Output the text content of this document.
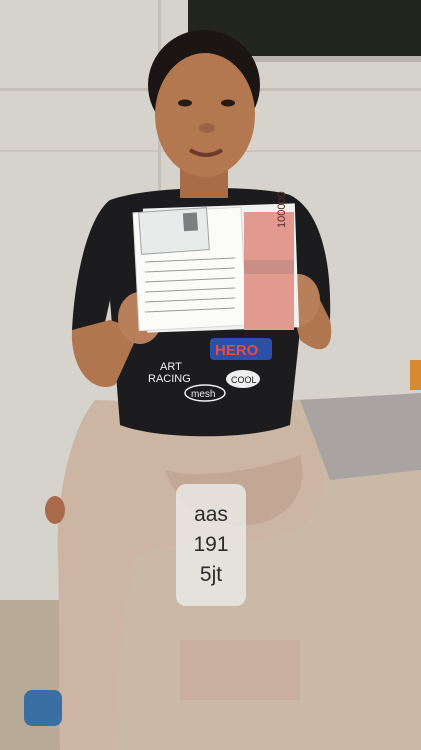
100000
HERO
ART
RACING	COOL
mesh
aas
191
5jt
